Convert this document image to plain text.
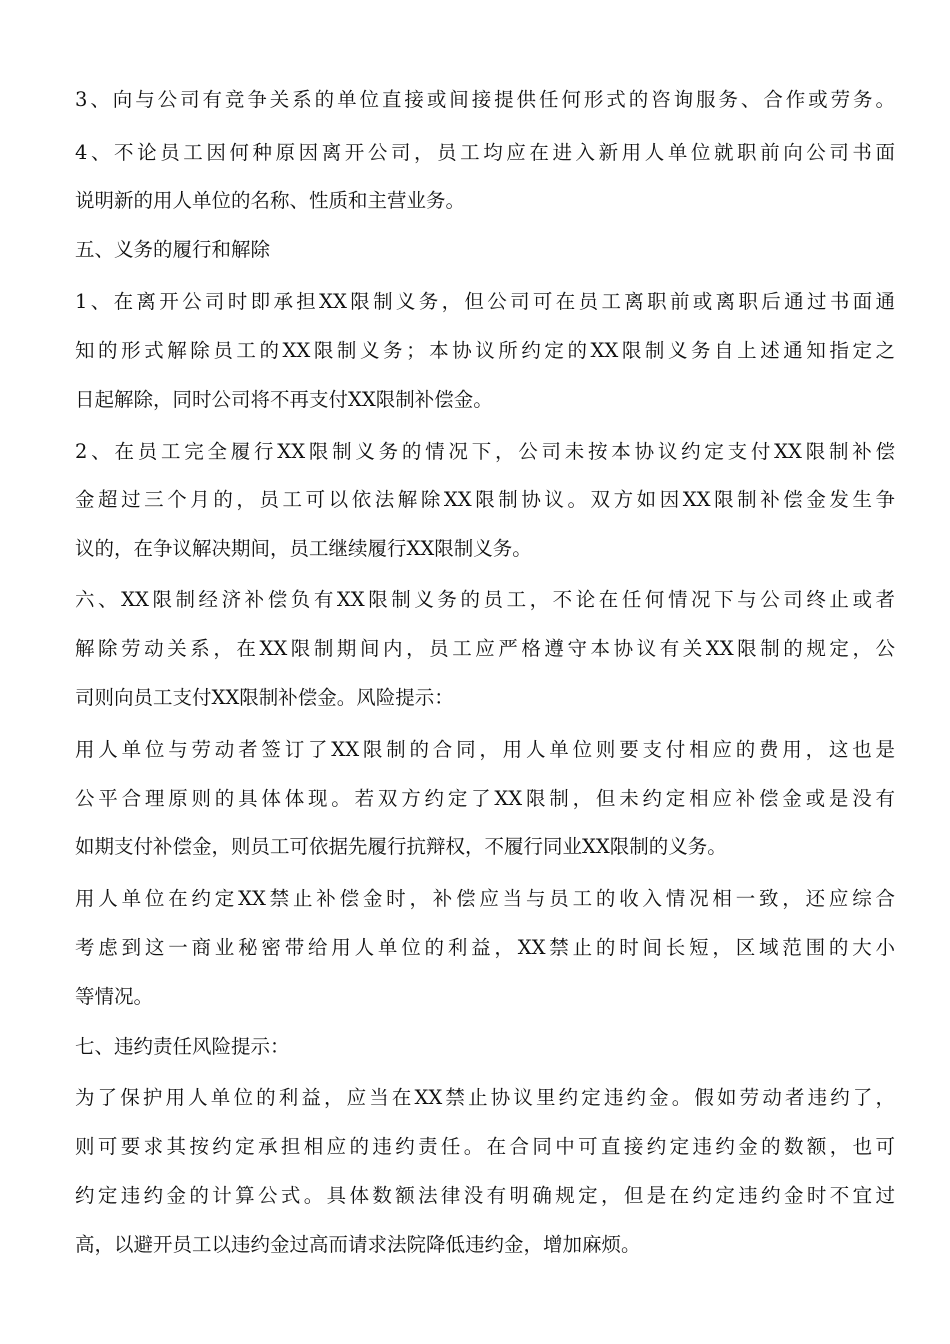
3、向与公司有竞争关系的单位直接或间接提供任何形式的咨询服务、合作或劳务。
4、不论员工因何种原因离开公司，员工均应在进入新用人单位就职前向公司书面
说明新的用人单位的名称、性质和主营业务。
五、义务的履行和解除
1、在离开公司时即承担XX限制义务，但公司可在员工离职前或离职后通过书面通
知的形式解除员工的XX限制义务；本协议所约定的XX限制义务自上述通知指定之
日起解除，同时公司将不再支付XX限制补偿金。
2、在员工完全履行XX限制义务的情况下，公司未按本协议约定支付XX限制补偿
金超过三个月的，员工可以依法解除XX限制协议。双方如因XX限制补偿金发生争
议的，在争议解决期间，员工继续履行XX限制义务。
六、XX限制经济补偿负有XX限制义务的员工，不论在任何情况下与公司终止或者
解除劳动关系，在XX限制期间内，员工应严格遵守本协议有关XX限制的规定，公
司则向员工支付XX限制补偿金。风险提示：
用人单位与劳动者签订了XX限制的合同，用人单位则要支付相应的费用，这也是
公平合理原则的具体体现。若双方约定了XX限制，但未约定相应补偿金或是没有
如期支付补偿金，则员工可依据先履行抗辩权，不履行同业XX限制的义务。
用人单位在约定XX禁止补偿金时，补偿应当与员工的收入情况相一致，还应综合
考虑到这一商业秘密带给用人单位的利益，XX禁止的时间长短，区域范围的大小
等情况。
七、违约责任风险提示：
为了保护用人单位的利益，应当在XX禁止协议里约定违约金。假如劳动者违约了，
则可要求其按约定承担相应的违约责任。在合同中可直接约定违约金的数额，也可
约定违约金的计算公式。具体数额法律没有明确规定，但是在约定违约金时不宜过
高，以避开员工以违约金过高而请求法院降低违约金，增加麻烦。
